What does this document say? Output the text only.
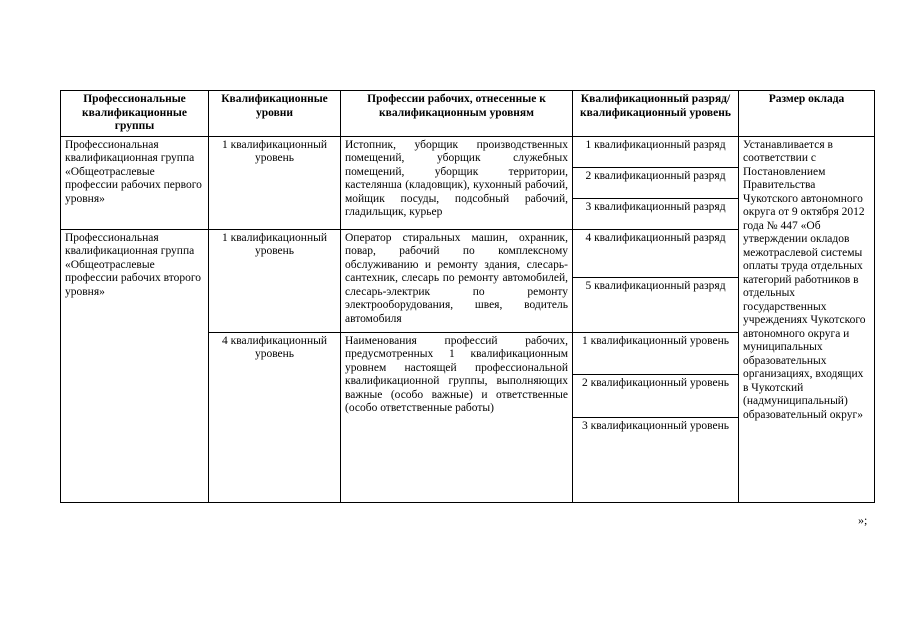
Профессиональные квалификационные группы	Квалификационные уровни	Профессии рабочих, отнесенные к квалификационным уровням	Квалификационный разряд/квалификационный уровень	Размер оклада
Профессиональная квалификационная группа «Общеотраслевые профессии рабочих первого уровня»	1 квалификационный уровень	Истопник, уборщик производственных помещений, уборщик служебных помещений, уборщик территории, кастелянша (кладовщик), кухонный рабочий, мойщик посуды, подсобный рабочий, гладильщик, курьер	1 квалификационный разряд	Устанавливается в соответствии с Постановлением Правительства Чукотского автономного округа от 9 октября 2012 года № 447 «Об утверждении окладов межотраслевой системы оплаты труда отдельных категорий работников в отдельных государственных учреждениях Чукотского автономного округа и муниципальных образовательных организациях, входящих в Чукотский (надмуниципальный) образовательный округ»
			2 квалификационный разряд	
			3 квалификационный разряд	
Профессиональная квалификационная группа «Общеотраслевые профессии рабочих второго уровня»	1 квалификационный уровень	Оператор стиральных машин, охранник, повар, рабочий по комплексному обслуживанию и ремонту здания, слесарь-сантехник, слесарь по ремонту автомобилей, слесарь-электрик по ремонту электрооборудования, швея, водитель автомобиля	4 квалификационный разряд	
			5 квалификационный разряд	
	4 квалификационный уровень	Наименования профессий рабочих, предусмотренных 1 квалификационным уровнем настоящей профессиональной квалификационной группы, выполняющих важные (особо важные) и ответственные (особо ответственные работы)	1 квалификационный уровень	
			2 квалификационный уровень	
			3 квалификационный уровень	

»;
